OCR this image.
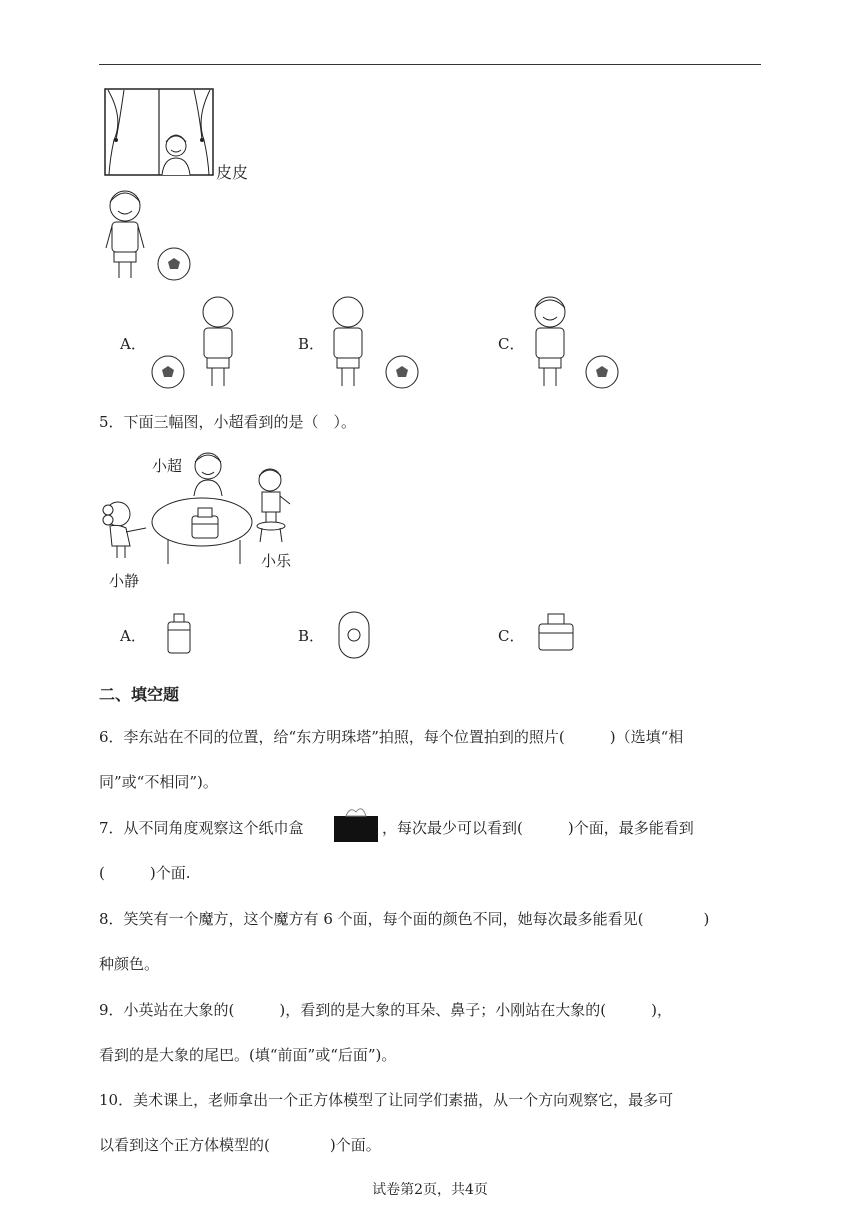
皮皮
A．	B．	C．
5．下面三幅图，小超看到的是（　）。
小超
小乐
小静
A．	B．	C．
二、填空题
6．李东站在不同的位置，给“东方明珠塔”拍照，每个位置拍到的照片(　　　)（选填“相
同”或“不相同”)。
7．从不同角度观察这个纸巾盒	，每次最少可以看到(　　　)个面，最多能看到
(　　　)个面.
8．笑笑有一个魔方，这个魔方有 6 个面，每个面的颜色不同，她每次最多能看见(　　　　)
种颜色。
9．小英站在大象的(　　　)，看到的是大象的耳朵、鼻子；小刚站在大象的(　　　)，
看到的是大象的尾巴。(填“前面”或“后面”)。
10．美术课上，老师拿出一个正方体模型了让同学们素描，从一个方向观察它，最多可
以看到这个正方体模型的(　　　　)个面。
试卷第2页，共4页
